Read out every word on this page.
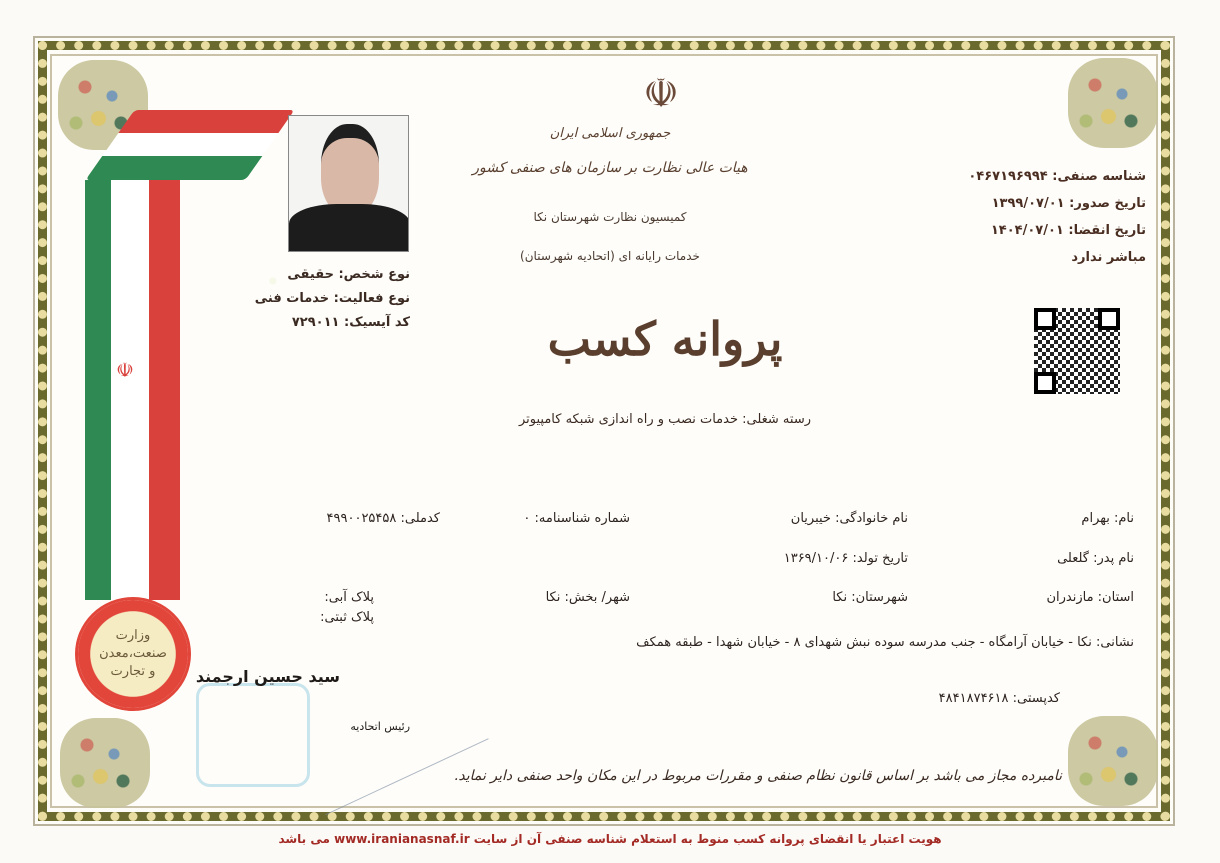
☫
وزارت
صنعت،معدن
و تجارت
نوع شخص: حقیقی
نوع فعالیت: خدمات فنی
کد آیسیک: ۷۲۹۰۱۱
☫
جمهوری اسلامی ایران
هیات عالی نظارت بر سازمان های صنفی کشور
کمیسیون نظارت شهرستان نکا
خدمات رایانه ای (اتحادیه شهرستان)
پروانه کسب
رسته شغلی: خدمات نصب و راه اندازی شبکه کامپیوتر
شناسه صنفی: ۰۴۶۷۱۹۶۹۹۴
تاریخ صدور: ۱۳۹۹/۰۷/۰۱
تاریخ انقضا: ۱۴۰۴/۰۷/۰۱
مباشر ندارد
نام: بهرام
نام خانوادگی: خیبریان
شماره شناسنامه: ۰
کدملی: ۴۹۹۰۰۲۵۴۵۸
نام پدر: گلعلی
تاریخ تولد: ۱۳۶۹/۱۰/۰۶
استان: مازندران
شهرستان: نکا
شهر/ بخش: نکا
پلاک آبی:
پلاک ثبتی:
نشانی: نکا - خیابان آرامگاه - جنب مدرسه سوده نبش شهدای ۸ - خیابان شهدا - طبقه همکف
کدپستی: ۴۸۴۱۸۷۴۶۱۸
سید حسین ارجمند
رئیس اتحادیه
نامبرده مجاز می باشد بر اساس قانون نظام صنفی و مقررات مربوط در این مکان واحد صنفی دایر نماید.
هویت اعتبار یا انقضای پروانه کسب منوط به استعلام شناسه صنفی آن از سایت www.iranianasnaf.ir می باشد
